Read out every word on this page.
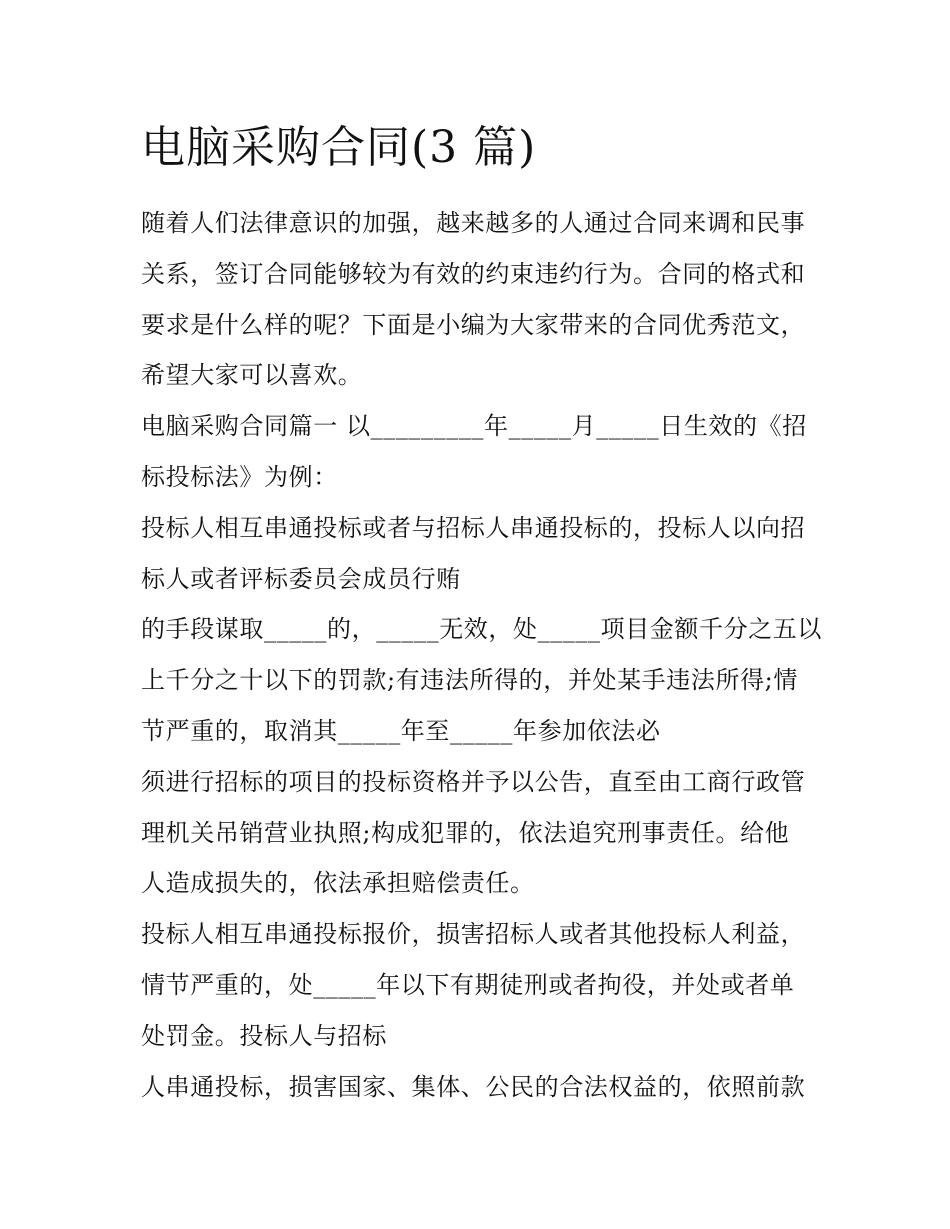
电脑采购合同(3 篇)
随着人们法律意识的加强，越来越多的人通过合同来调和民事
关系，签订合同能够较为有效的约束违约行为。合同的格式和
要求是什么样的呢？下面是小编为大家带来的合同优秀范文，
希望大家可以喜欢。
电脑采购合同篇一 以_________年_____月_____日生效的《招
标投标法》为例：
投标人相互串通投标或者与招标人串通投标的，投标人以向招
标人或者评标委员会成员行贿
的手段谋取_____的，_____无效，处_____项目金额千分之五以
上千分之十以下的罚款;有违法所得的，并处某手违法所得;情
节严重的，取消其_____年至_____年参加依法必
须进行招标的项目的投标资格并予以公告，直至由工商行政管
理机关吊销营业执照;构成犯罪的，依法追究刑事责任。给他
人造成损失的，依法承担赔偿责任。
投标人相互串通投标报价，损害招标人或者其他投标人利益，
情节严重的，处_____年以下有期徒刑或者拘役，并处或者单
处罚金。投标人与招标
人串通投标，损害国家、集体、公民的合法权益的，依照前款
